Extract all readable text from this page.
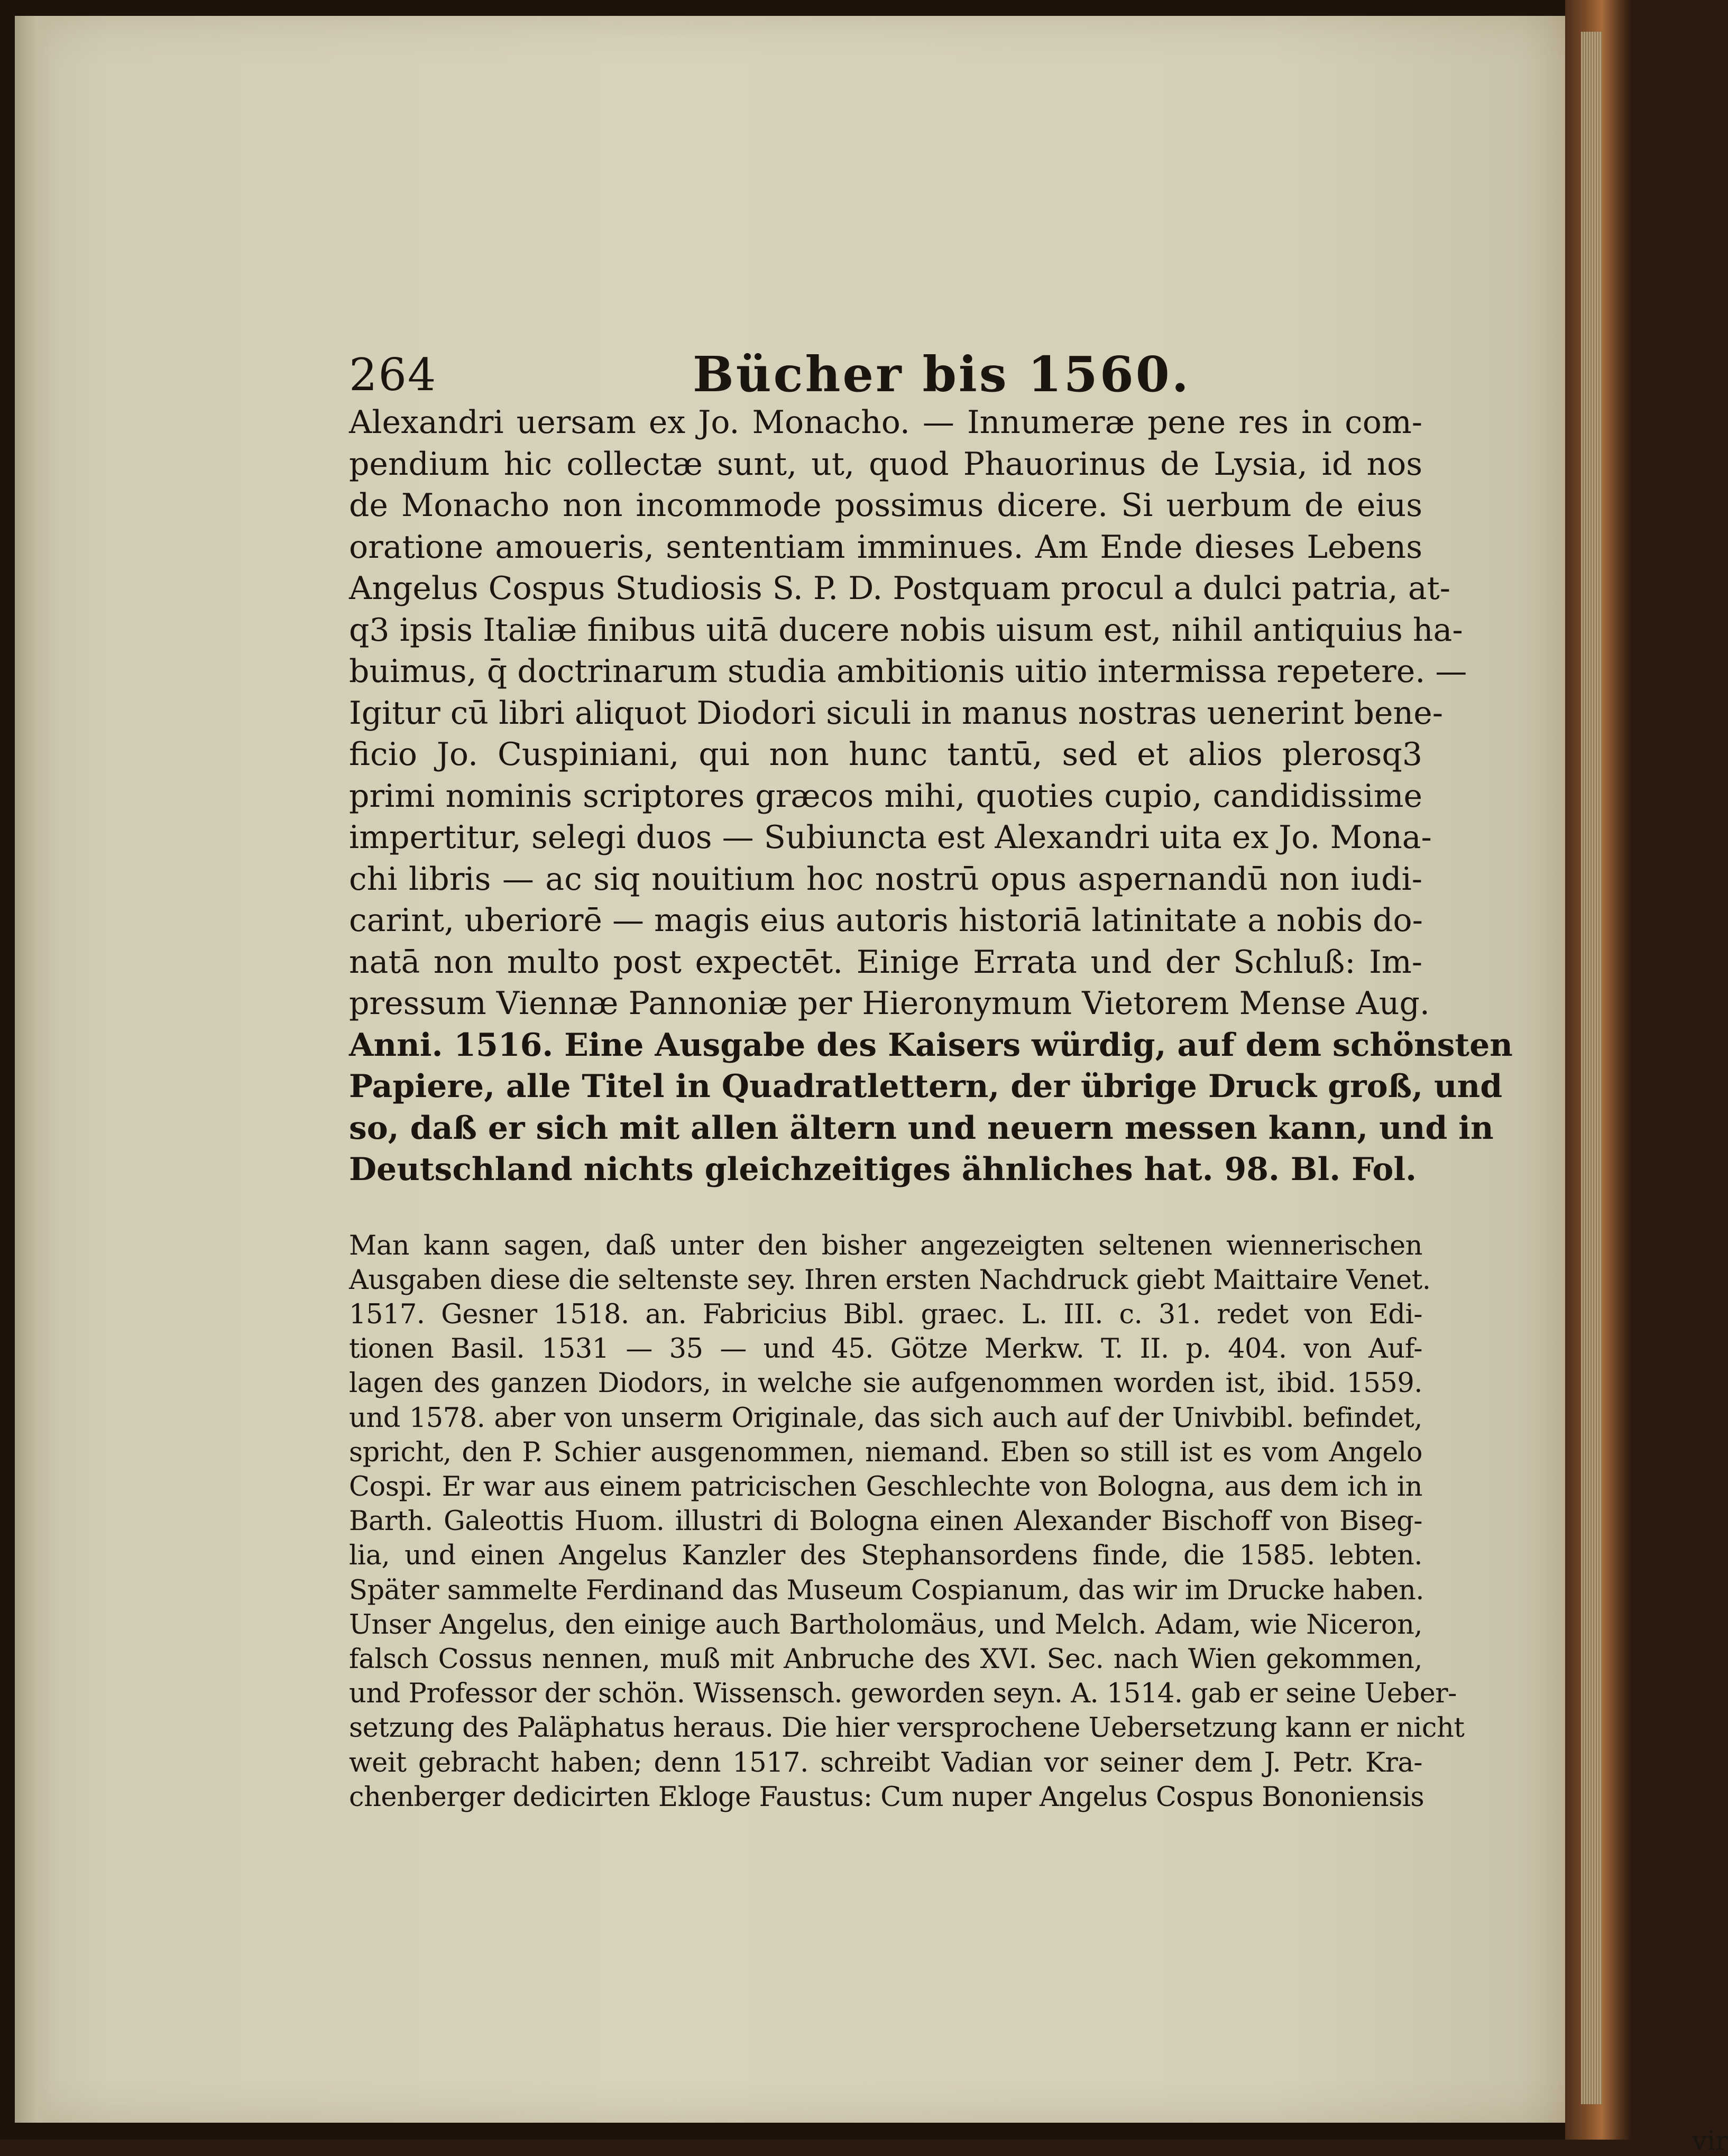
264	Bücher bis 1560.

Alexandri uersam ex Jo. Monacho. — Innumeræ pene res in com-

pendium hic collectæ sunt, ut, quod Phauorinus de Lysia, id nos

de Monacho non incommode possimus dicere. Si uerbum de eius

oratione amoueris, sententiam imminues. Am Ende dieses Lebens

Angelus Cospus Studiosis S. P. D. Postquam procul a dulci patria, at-

q3 ipsis Italiæ finibus uitā ducere nobis uisum est, nihil antiquius ha-

buimus, q̄ doctrinarum studia ambitionis uitio intermissa repetere. —

Igitur cū libri aliquot Diodori siculi in manus nostras uenerint bene-

ficio Jo. Cuspiniani, qui non hunc tantū, sed et alios plerosq3

primi nominis scriptores græcos mihi, quoties cupio, candidissime

impertitur, selegi duos — Subiuncta est Alexandri uita ex Jo. Mona-

chi libris — ac siq nouitium hoc nostrū opus aspernandū non iudi-

carint, uberiorē — magis eius autoris historiā latinitate a nobis do-

natā non multo post expectēt. Einige Errata und der Schluß: Im-

pressum Viennæ Pannoniæ per Hieronymum Vietorem Mense Aug.

Anni. 1516. Eine Ausgabe des Kaisers würdig, auf dem schönsten

Papiere, alle Titel in Quadratlettern, der übrige Druck groß, und

so, daß er sich mit allen ältern und neuern messen kann, und in

Deutschland nichts gleichzeitiges ähnliches hat. 98. Bl. Fol.

Man kann sagen, daß unter den bisher angezeigten seltenen wiennerischen

Ausgaben diese die seltenste sey. Ihren ersten Nachdruck giebt Maittaire Venet.

1517. Gesner 1518. an. Fabricius Bibl. graec. L. III. c. 31. redet von Edi-

tionen Basil. 1531 — 35 — und 45. Götze Merkw. T. II. p. 404. von Auf-

lagen des ganzen Diodors, in welche sie aufgenommen worden ist, ibid. 1559.

und 1578. aber von unserm Originale, das sich auch auf der Univbibl. befindet,

spricht, den P. Schier ausgenommen, niemand. Eben so still ist es vom Angelo

Cospi. Er war aus einem patricischen Geschlechte von Bologna, aus dem ich in

Barth. Galeottis Huom. illustri di Bologna einen Alexander Bischoff von Biseg-

lia, und einen Angelus Kanzler des Stephansordens finde, die 1585. lebten.

Später sammelte Ferdinand das Museum Cospianum, das wir im Drucke haben.

Unser Angelus, den einige auch Bartholomäus, und Melch. Adam, wie Niceron,

falsch Cossus nennen, muß mit Anbruche des XVI. Sec. nach Wien gekommen,

und Professor der schön. Wissensch. geworden seyn. A. 1514. gab er seine Ueber-

setzung des Paläphatus heraus. Die hier versprochene Uebersetzung kann er nicht

weit gebracht haben; denn 1517. schreibt Vadian vor seiner dem J. Petr. Kra-

chenberger dedicirten Ekloge Faustus: Cum nuper Angelus Cospus Bononiensis

vir
